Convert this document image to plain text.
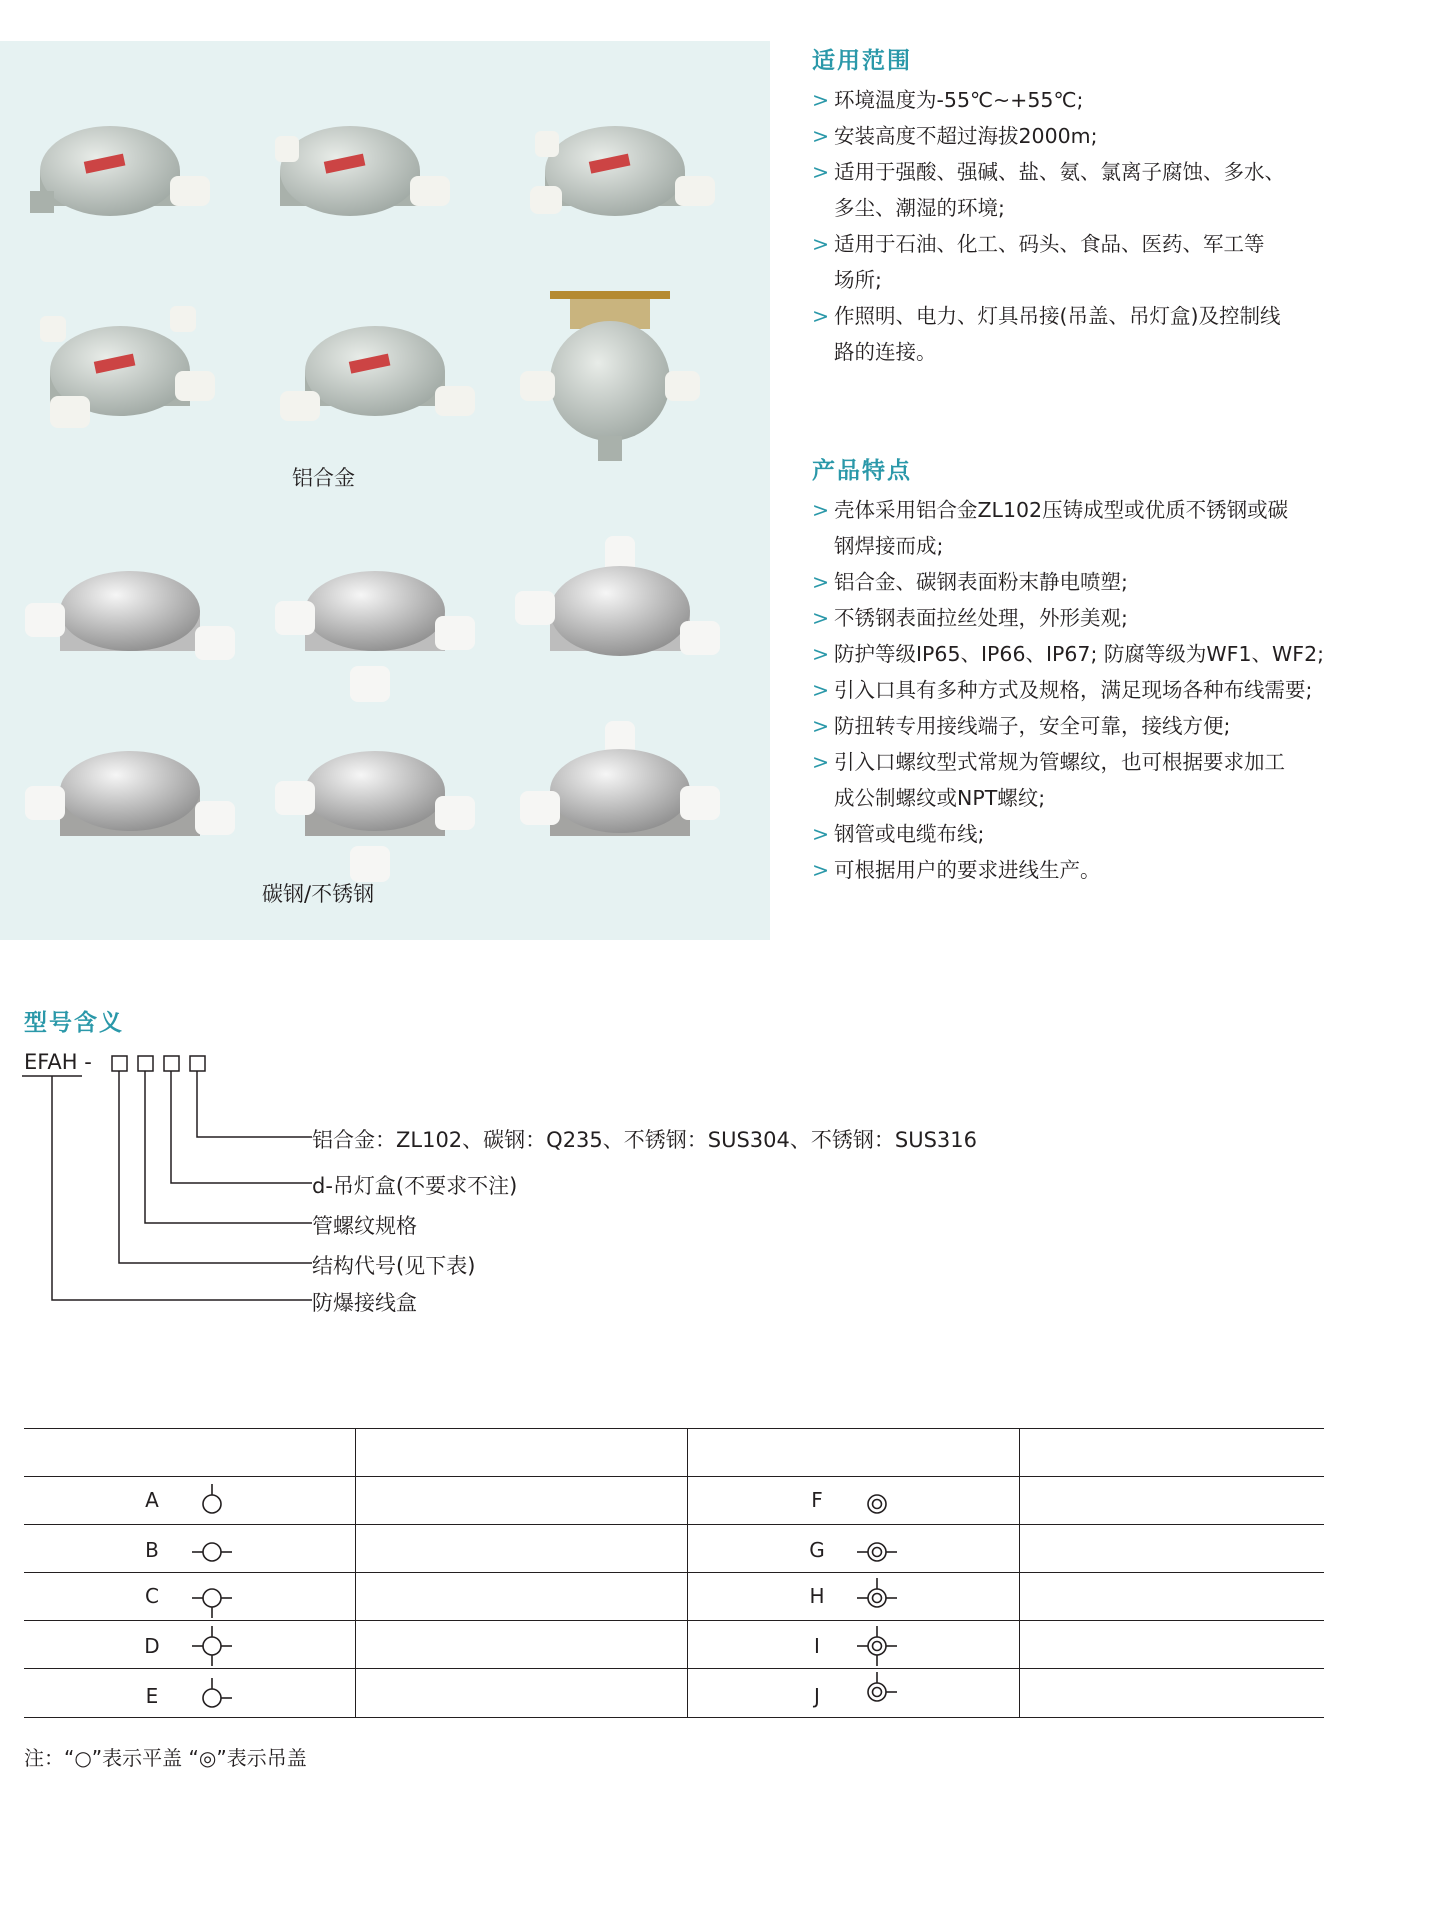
铝合金
碳钢/不锈钢
适用范围
> 环境温度为-55℃~+55℃;
> 安装高度不超过海拔2000m;
> 适用于强酸、强碱、盐、氨、氯离子腐蚀、多水、
多尘、潮湿的环境;
> 适用于石油、化工、码头、食品、医药、军工等
场所;
> 作照明、电力、灯具吊接(吊盖、吊灯盒)及控制线
路的连接。
产品特点
> 壳体采用铝合金ZL102压铸成型或优质不锈钢或碳
钢焊接而成;
> 铝合金、碳钢表面粉末静电喷塑;
> 不锈钢表面拉丝处理，外形美观;
> 防护等级IP65、IP66、IP67; 防腐等级为WF1、WF2;
> 引入口具有多种方式及规格，满足现场各种布线需要;
> 防扭转专用接线端子，安全可靠，接线方便;
> 引入口螺纹型式常规为管螺纹，也可根据要求加工
成公制螺纹或NPT螺纹;
> 钢管或电缆布线;
> 可根据用户的要求进线生产。
型号含义
EFAH -
铝合金：ZL102、碳钢：Q235、不锈钢：SUS304、不锈钢：SUS316
d-吊灯盒(不要求不注)
管螺纹规格
结构代号(见下表)
防爆接线盒
A
B
C
D
E
F
G
H
I
J
注：“○”表示平盖 “◎”表示吊盖
